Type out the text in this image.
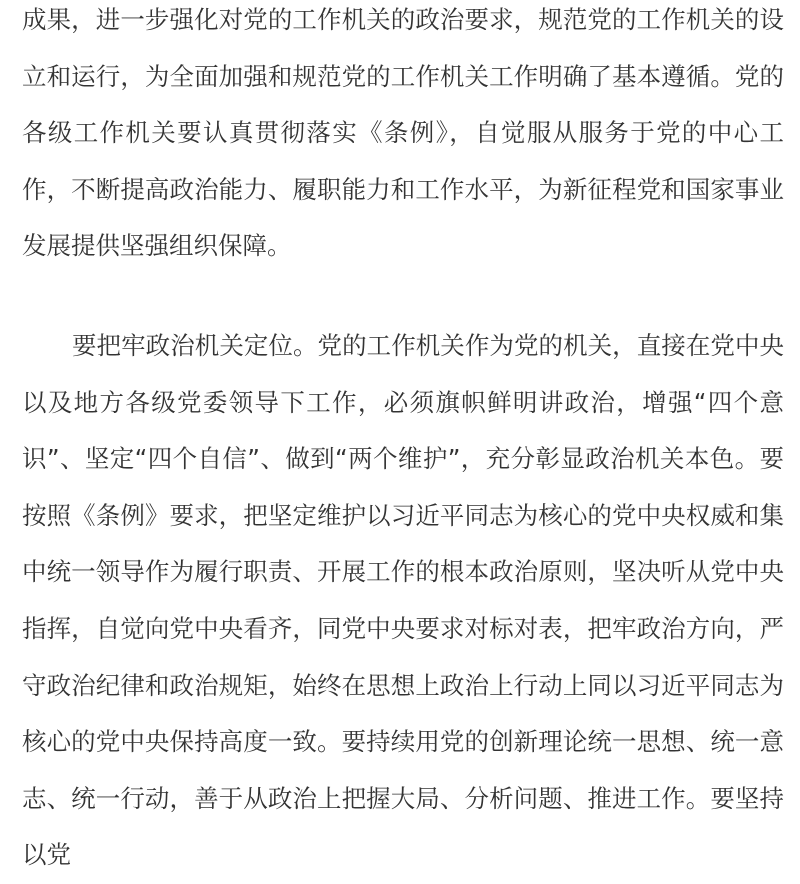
成果，进一步强化对党的工作机关的政治要求，规范党的工作机关的设立和运行，为全面加强和规范党的工作机关工作明确了基本遵循。党的各级工作机关要认真贯彻落实《条例》，自觉服从服务于党的中心工作，不断提高政治能力、履职能力和工作水平，为新征程党和国家事业发展提供坚强组织保障。

要把牢政治机关定位。党的工作机关作为党的机关，直接在党中央以及地方各级党委领导下工作，必须旗帜鲜明讲政治，增强“四个意识”、坚定“四个自信”、做到“两个维护”，充分彰显政治机关本色。要按照《条例》要求，把坚定维护以习近平同志为核心的党中央权威和集中统一领导作为履行职责、开展工作的根本政治原则，坚决听从党中央指挥，自觉向党中央看齐，同党中央要求对标对表，把牢政治方向，严守政治纪律和政治规矩，始终在思想上政治上行动上同以习近平同志为核心的党中央保持高度一致。要持续用党的创新理论统一思想、统一意志、统一行动，善于从政治上把握大局、分析问题、推进工作。要坚持以党
